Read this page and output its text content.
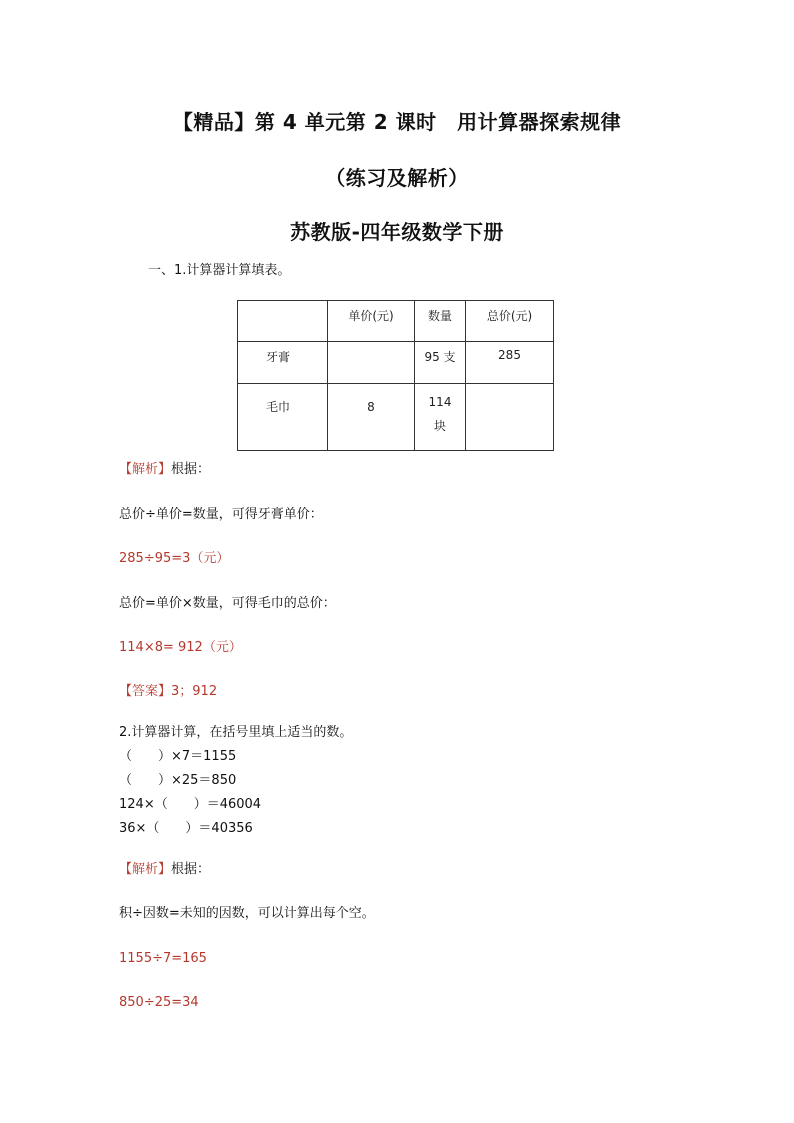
【精品】第 4 单元第 2 课时　用计算器探索规律
（练习及解析）
苏教版-四年级数学下册
一、1.计算器计算填表。
	单价(元)	数量	总价(元)
牙膏		95 支	285
毛巾	8	114 块	
【解析】根据：
总价÷单价=数量，可得牙膏单价：
285÷95=3（元）
总价=单价×数量，可得毛巾的总价：
114×8= 912（元）
【答案】3；912
2.计算器计算，在括号里填上适当的数。
（　　）×7＝1155
（　　）×25＝850
124×（　　）＝46004
36×（　　）＝40356
【解析】根据：
积÷因数=未知的因数，可以计算出每个空。
1155÷7=165
850÷25=34
